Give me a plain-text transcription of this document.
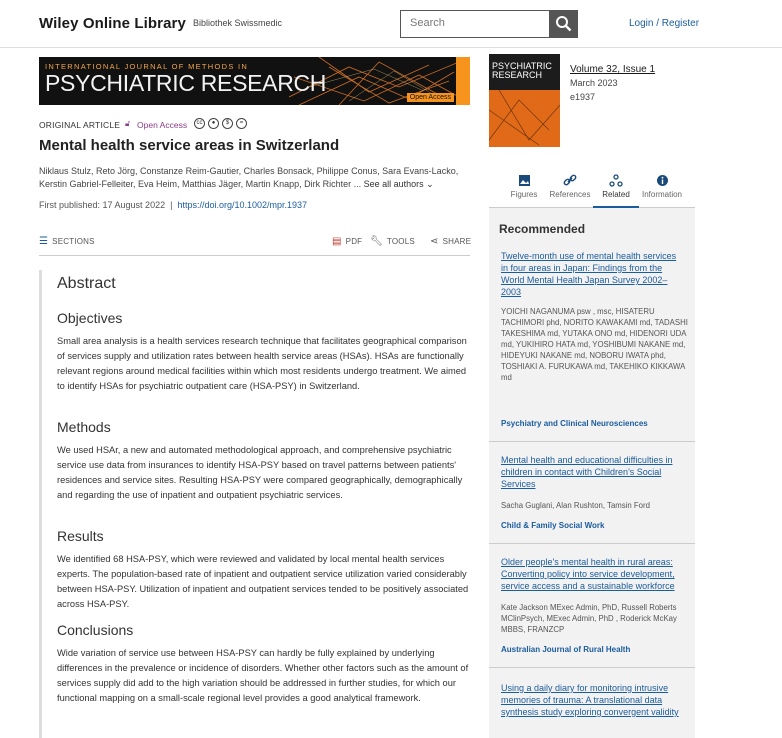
Wiley Online Library Bibliothek Swissmedic	Search	Login / Register
INTERNATIONAL JOURNAL OF METHODS IN
PSYCHIATRIC RESEARCH
Open Access
ORIGINAL ARTICLE 🔓︎ Open Access	cc	●	$	=
Mental health service areas in Switzerland
Niklaus Stulz, Reto Jörg, Constanze Reim-Gautier, Charles Bonsack, Philippe Conus, Sara Evans-Lacko,
Kerstin Gabriel-Felleiter, Eva Heim, Matthias Jäger, Martin Knapp, Dirk Richter ... See all authors ⌄
First published: 17 August 2022  |  https://doi.org/10.1002/mpr.1937
☰ SECTIONS	▤ PDF 🔧︎ TOOLS ⋖ SHARE
Abstract
Objectives
Small area analysis is a health services research technique that facilitates geographical comparison of services supply and utilization rates between health service areas (HSAs). HSAs are functionally relevant regions around medical facilities within which most residents undergo treatment. We aimed to identify HSAs for psychiatric outpatient care (HSA-PSY) in Switzerland.
Methods
We used HSAr, a new and automated methodological approach, and comprehensive psychiatric service use data from insurances to identify HSA-PSY based on travel patterns between patients' residences and service sites. Resulting HSA-PSY were compared geographically, demographically and regarding the use of inpatient and outpatient psychiatric services.
Results
We identified 68 HSA-PSY, which were reviewed and validated by local mental health services experts. The population-based rate of inpatient and outpatient service utilization varied considerably between HSA-PSY. Utilization of inpatient and outpatient services tended to be positively associated across HSA-PSY.
Conclusions
Wide variation of service use between HSA-PSY can hardly be fully explained by underlying differences in the prevalence or incidence of disorders. Whether other factors such as the amount of services supply did add to the high variation should be addressed in further studies, for which our functional mapping on a small-scale regional level provides a good analytical framework.
PSYCHIATRIC RESEARCH	Volume 32, Issue 1
March 2023
e1937
Figures	References	Related	Information
Recommended
Twelve-month use of mental health services in four areas in Japan: Findings from the World Mental Health Japan Survey 2002–2003
YOICHI NAGANUMA psw , msc, HISATERU TACHIMORI phd, NORITO KAWAKAMI md, TADASHI TAKESHIMA md, YUTAKA ONO md, HIDENORI UDA md, YUKIHIRO HATA md, YOSHIBUMI NAKANE md, HIDEYUKI NAKANE md, NOBORU IWATA phd, TOSHIAKI A. FURUKAWA md, TAKEHIKO KIKKAWA md
Psychiatry and Clinical Neurosciences
Mental health and educational difficulties in children in contact with Children's Social Services
Sacha Guglani, Alan Rushton, Tamsin Ford
Child & Family Social Work
Older people's mental health in rural areas: Converting policy into service development, service access and a sustainable workforce
Kate Jackson MExec Admin, PhD, Russell Roberts MClinPsych, MExec Admin, PhD , Roderick McKay MBBS, FRANZCP
Australian Journal of Rural Health
Using a daily diary for monitoring intrusive memories of trauma: A translational data synthesis study exploring convergent validity
